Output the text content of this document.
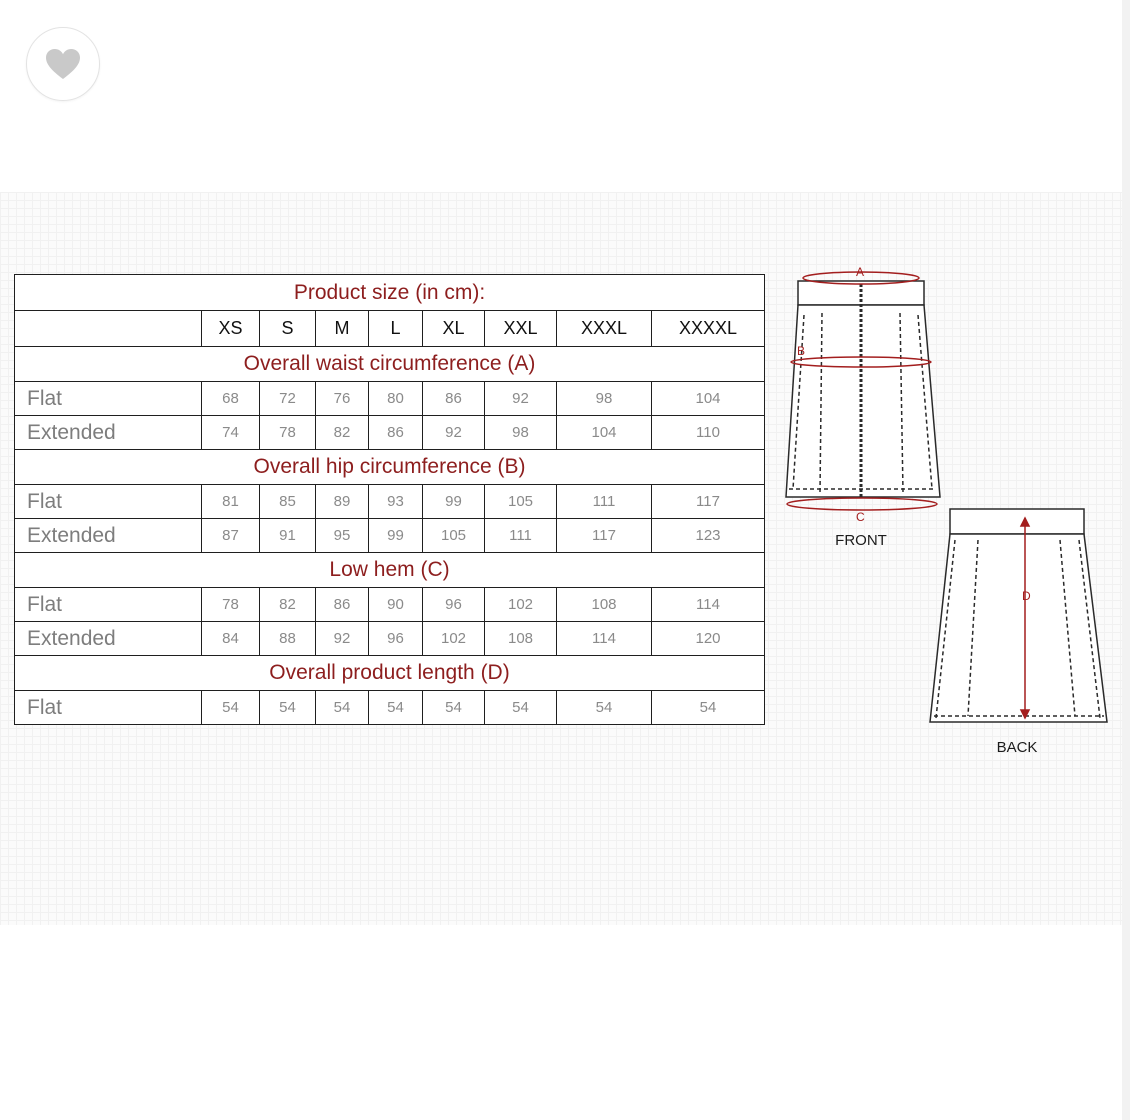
Product size (in cm):								
	XS	S	M	L	XL	XXL	XXXL	XXXXL
Overall waist circumference (A)								
Flat	68	72	76	80	86	92	98	104
Extended	74	78	82	86	92	98	104	110
Overall hip circumference (B)								
Flat	81	85	89	93	99	105	111	117
Extended	87	91	95	99	105	111	117	123
Low hem (C)								
Flat	78	82	86	90	96	102	108	114
Extended	84	88	92	96	102	108	114	120
Overall product length (D)								
Flat	54	54	54	54	54	54	54	54
A
B
C
FRONT
D
BACK
